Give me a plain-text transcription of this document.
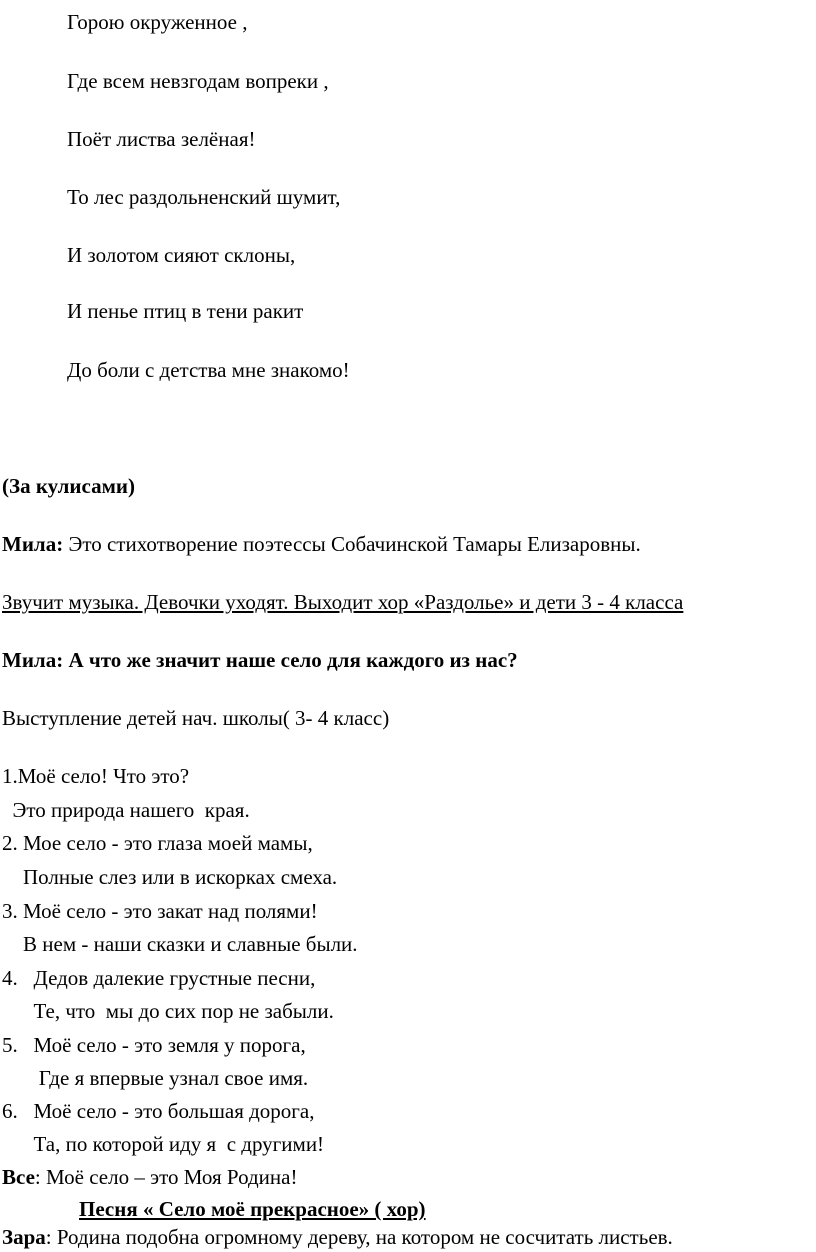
Горою окруженное ,
Где всем невзгодам вопреки ,
Поёт листва зелёная!
То лес раздольненский шумит,
И золотом сияют склоны,
И пенье птиц в тени ракит
До боли с детства мне знакомо!
(За кулисами)
Мила: Это стихотворение поэтессы Собачинской Тамары Елизаровны.
Звучит музыка. Девочки уходят. Выходит хор «Раздолье» и дети 3 - 4 класса
Мила: А что же значит наше село для каждого из нас?
Выступление детей нач. школы( 3- 4 класс)
1.Моё село! Что это?
Это природа нашего  края.
2. Мое село - это глаза моей мамы,
Полные слез или в искорках смеха.
3. Моё село - это закат над полями!
В нем - наши сказки и славные были.
4.   Дедов далекие грустные песни,
Те, что  мы до сих пор не забыли.
5.   Моё село - это земля у порога,
Где я впервые узнал свое имя.
6.   Моё село - это большая дорога,
Та, по которой иду я  с другими!
Все: Моё село – это Моя Родина!
Песня « Село моё прекрасное» ( хор)
Зара: Родина подобна огромному дереву, на котором не сосчитать листьев.
